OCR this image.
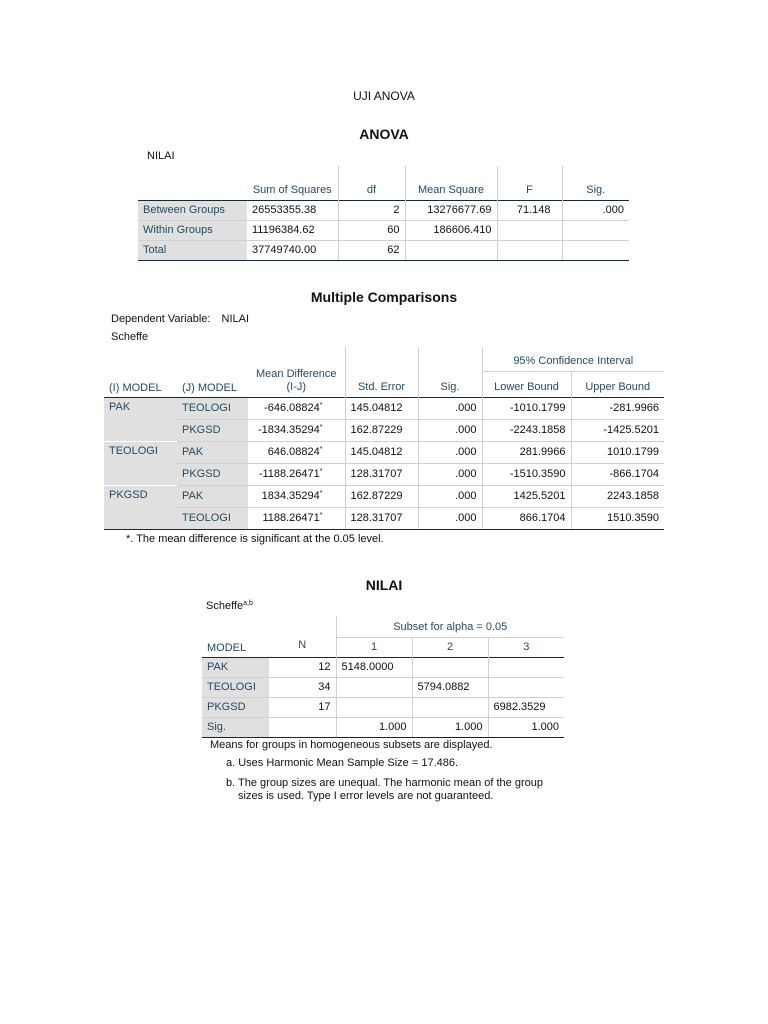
UJI ANOVA
ANOVA
NILAI
	Sum of Squares	df	Mean Square	F	Sig.
Between Groups	26553355.38	2	13276677.69	71.148	.000
Within Groups	11196384.62	60	186606.410		
Total	37749740.00	62			
Multiple Comparisons
Dependent Variable: NILAI
Scheffe
(I) MODEL	(J) MODEL	Mean Difference (I-J)	Std. Error	Sig.	95% Confidence Interval	
					Lower Bound	Upper Bound
PAK	TEOLOGI	-646.08824*	145.04812	.000	-1010.1799	-281.9966
	PKGSD	-1834.35294*	162.87229	.000	-2243.1858	-1425.5201
TEOLOGI	PAK	646.08824*	145.04812	.000	281.9966	1010.1799
	PKGSD	-1188.26471*	128.31707	.000	-1510.3590	-866.1704
PKGSD	PAK	1834.35294*	162.87229	.000	1425.5201	2243.1858
	TEOLOGI	1188.26471*	128.31707	.000	866.1704	1510.3590
*. The mean difference is significant at the 0.05 level.
NILAI
Scheffe$^{a,b}$
MODEL	N	Subset for alpha = 0.05		
		1	2	3
PAK	12	5148.0000		
TEOLOGI	34		5794.0882	
PKGSD	17			6982.3529
Sig.		1.000	1.000	1.000
Means for groups in homogeneous subsets are displayed.
a. Uses Harmonic Mean Sample Size = 17.486.
b. The group sizes are unequal. The harmonic mean of the group sizes is used. Type I error levels are not guaranteed.
